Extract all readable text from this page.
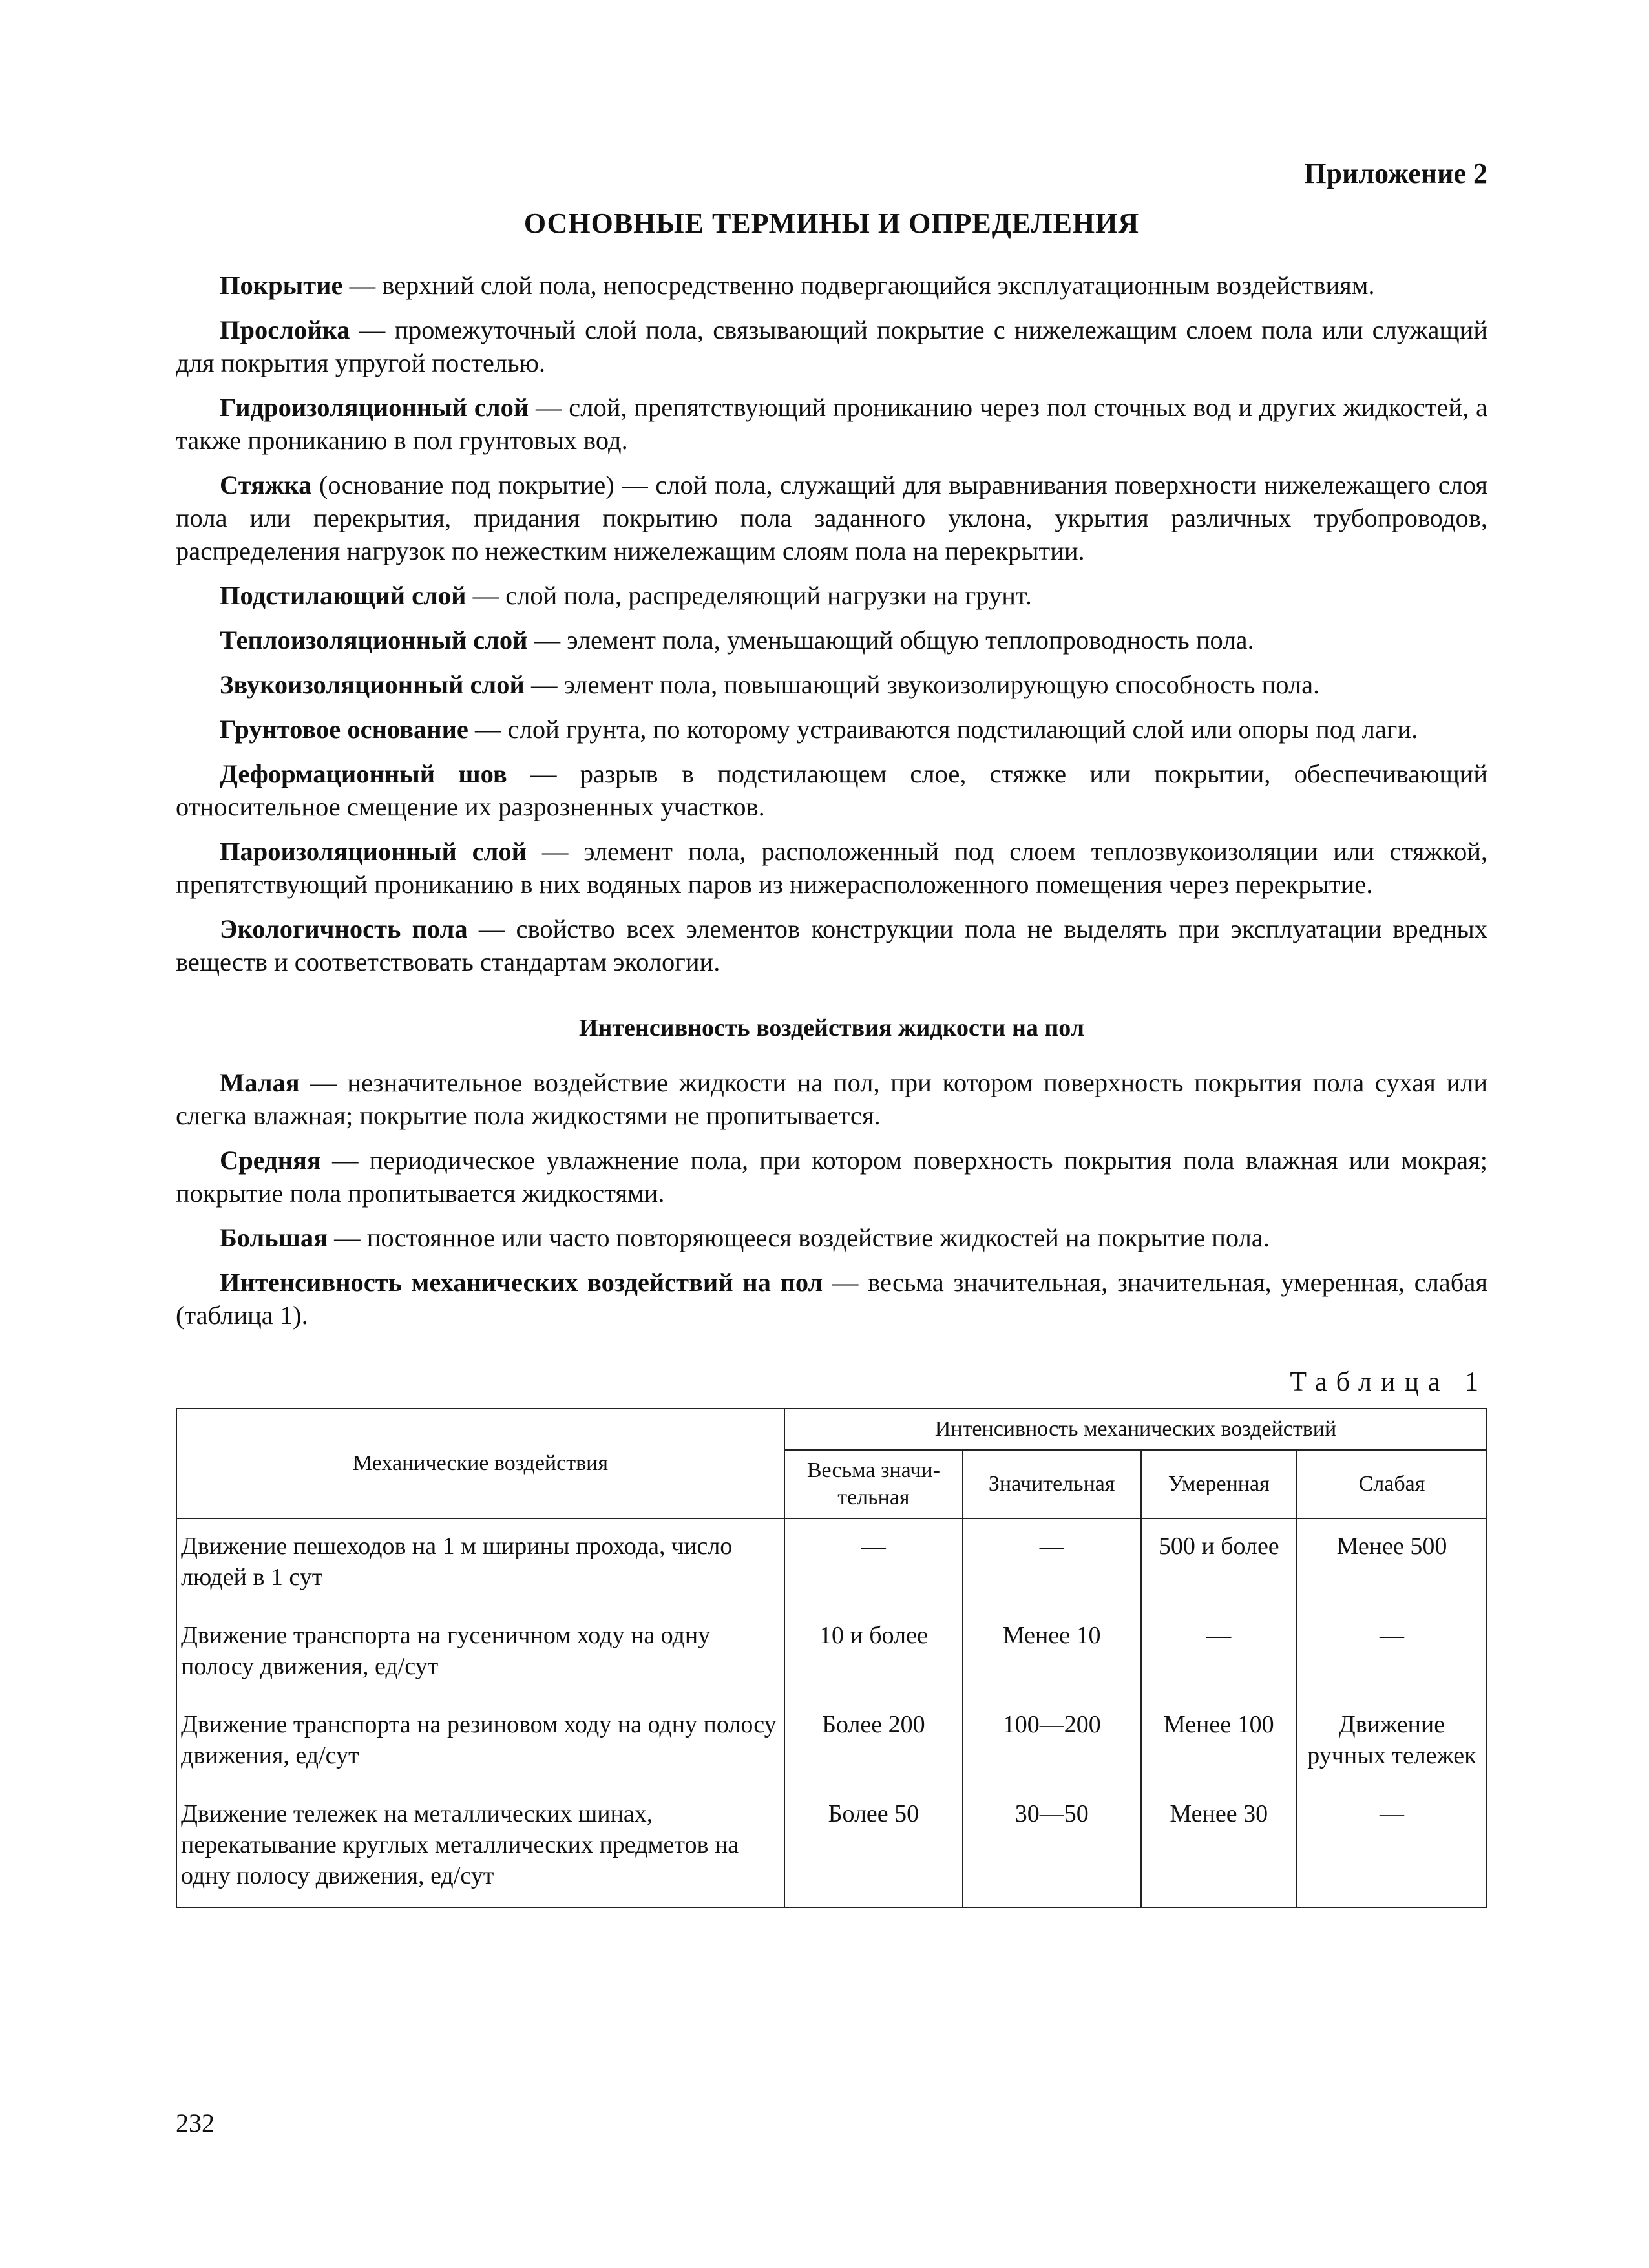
Приложение 2

ОСНОВНЫЕ ТЕРМИНЫ И ОПРЕДЕЛЕНИЯ

Покрытие — верхний слой пола, непосредственно подвергающийся эксплуатационным воздействиям.

Прослойка — промежуточный слой пола, связывающий покрытие с нижележащим слоем пола или служащий для покрытия упругой постелью.

Гидроизоляционный слой — слой, препятствующий прониканию через пол сточных вод и других жидкостей, а также прониканию в пол грунтовых вод.

Стяжка (основание под покрытие) — слой пола, служащий для выравнивания поверхности нижележащего слоя пола или перекрытия, придания покрытию пола заданного уклона, укрытия различных трубопроводов, распределения нагрузок по нежестким нижележащим слоям пола на перекрытии.

Подстилающий слой — слой пола, распределяющий нагрузки на грунт.

Теплоизоляционный слой — элемент пола, уменьшающий общую теплопроводность пола.

Звукоизоляционный слой — элемент пола, повышающий звукоизолирующую способность пола.

Грунтовое основание — слой грунта, по которому устраиваются подстилающий слой или опоры под лаги.

Деформационный шов — разрыв в подстилающем слое, стяжке или покрытии, обеспечивающий относительное смещение их разрозненных участков.

Пароизоляционный слой — элемент пола, расположенный под слоем теплозвукоизоляции или стяжкой, препятствующий прониканию в них водяных паров из нижерасположенного помещения через перекрытие.

Экологичность пола — свойство всех элементов конструкции пола не выделять при эксплуатации вредных веществ и соответствовать стандартам экологии.

Интенсивность воздействия жидкости на пол

Малая — незначительное воздействие жидкости на пол, при котором поверхность покрытия пола сухая или слегка влажная; покрытие пола жидкостями не пропитывается.

Средняя — периодическое увлажнение пола, при котором поверхность покрытия пола влажная или мокрая; покрытие пола пропитывается жидкостями.

Большая — постоянное или часто повторяющееся воздействие жидкостей на покрытие пола.

Интенсивность механических воздействий на пол — весьма значительная, значительная, умеренная, слабая (таблица 1).

Таблица 1
Механические воздействия	Интенсивность механических воздействий			
	Весьма значи-
тельная	Значительная	Умеренная	Слабая
Движение пешеходов на 1 м ширины прохода, число людей в 1 сут	—	—	500 и более	Менее 500
Движение транспорта на гусеничном ходу на одну полосу движения, ед/сут	10 и более	Менее 10	—	—
Движение транспорта на резиновом ходу на одну полосу движения, ед/сут	Более 200	100—200	Менее 100	Движение ручных тележек
Движение тележек на металлических шинах, перекатывание круглых металлических предметов на одну полосу движения, ед/сут	Более 50	30—50	Менее 30	—
232
